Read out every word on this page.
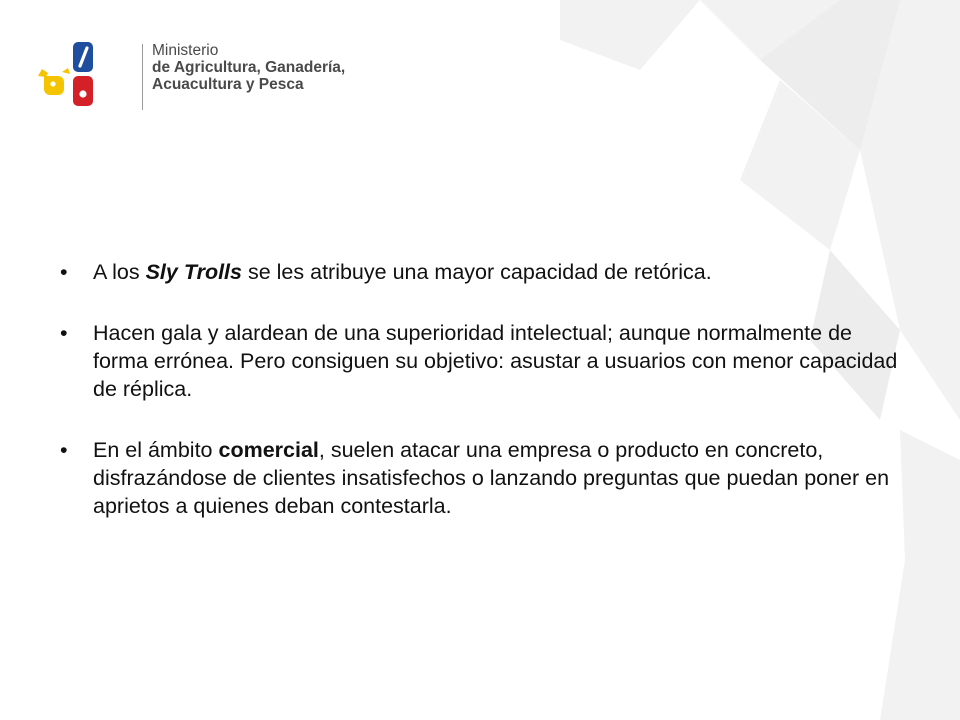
Ministerio
de Agricultura, Ganadería,
Acuacultura y Pesca
• A los Sly Trolls se les atribuye una mayor capacidad de retórica.
• Hacen gala y alardean de una superioridad intelectual; aunque normalmente de forma errónea. Pero consiguen su objetivo: asustar a usuarios con menor capacidad de réplica.
• En el ámbito comercial, suelen atacar una empresa o producto en concreto, disfrazándose de clientes insatisfechos o lanzando preguntas que puedan poner en aprietos a quienes deban contestarla.
